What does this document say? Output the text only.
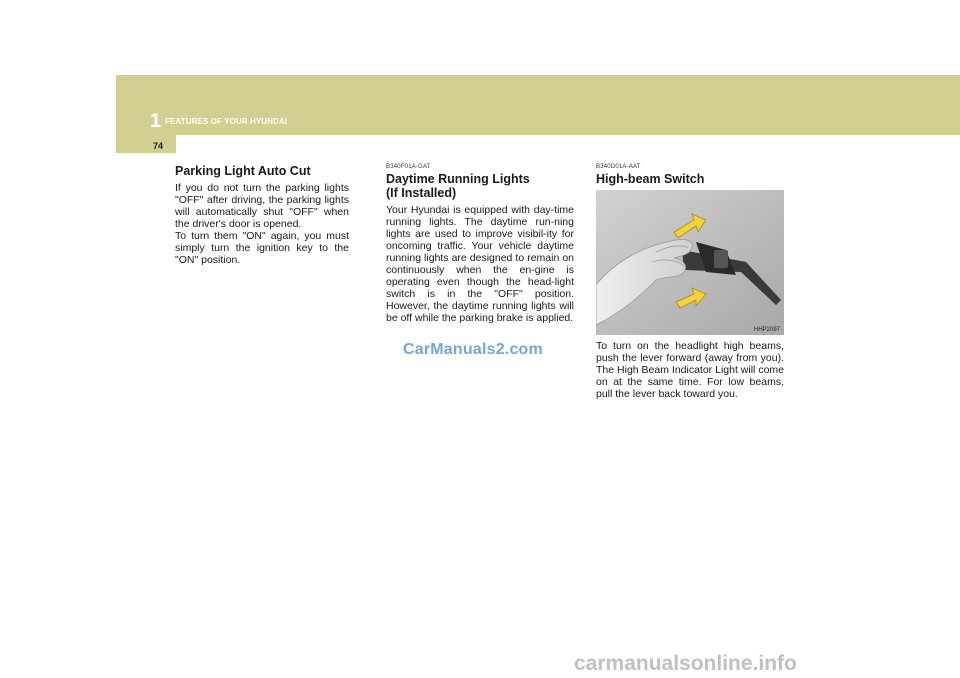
1 FEATURES OF YOUR HYUNDAI
74
Parking Light Auto Cut
If you do not turn the parking lights "OFF" after driving, the parking lights will automatically shut "OFF" when the driver's door is opened.
To turn them "ON" again, you must simply turn the ignition key to the "ON" position.
B340F01A-GAT
Daytime Running Lights
(If Installed)
Your Hyundai is equipped with day-time running lights. The daytime run-ning lights are used to improve visibil-ity for oncoming traffic. Your vehicle daytime running lights are designed to remain on continuously when the en-gine is operating even though the head-light switch is in the "OFF" position. However, the daytime running lights will be off while the parking brake is applied.
B340D01A-AAT
High-beam Switch
HHP2097
To turn on the headlight high beams, push the lever forward (away from you). The High Beam Indicator Light will come on at the same time. For low beams, pull the lever back toward you.
CarManuals2.com
carmanualsonline.info
